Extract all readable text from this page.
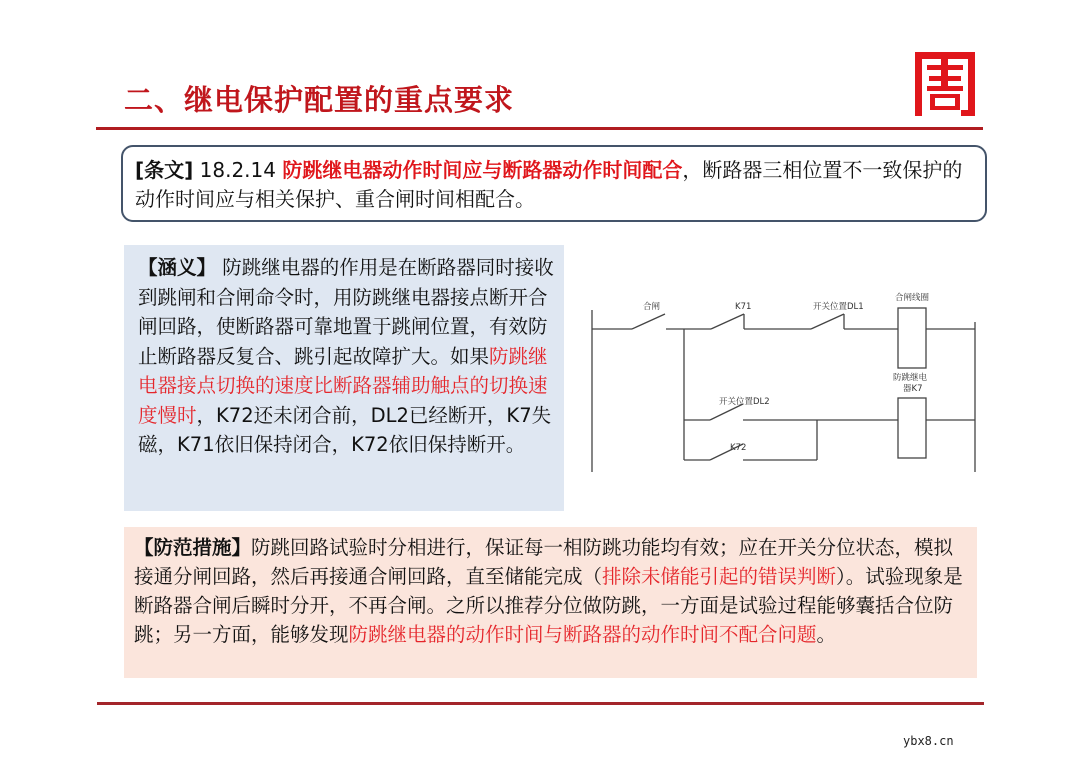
二、继电保护配置的重点要求
[条文] 18.2.14 防跳继电器动作时间应与断路器动作时间配合，断路器三相位置不一致保护的动作时间应与相关保护、重合闸时间相配合。
【涵义】 防跳继电器的作用是在断路器同时接收到跳闸和合闸命令时，用防跳继电器接点断开合闸回路，使断路器可靠地置于跳闸位置，有效防止断路器反复合、跳引起故障扩大。如果防跳继电器接点切换的速度比断路器辅助触点的切换速度慢时，K72还未闭合前，DL2已经断开，K7失磁，K71依旧保持闭合，K72依旧保持断开。
合闸	K71	开关位置DL1
合闸线圈
防跳继电
器K7
开关位置DL2
K72
【防范措施】防跳回路试验时分相进行，保证每一相防跳功能均有效；应在开关分位状态，模拟接通分闸回路，然后再接通合闸回路，直至储能完成（排除未储能引起的错误判断）。试验现象是断路器合闸后瞬时分开，不再合闸。之所以推荐分位做防跳，一方面是试验过程能够囊括合位防跳；另一方面，能够发现防跳继电器的动作时间与断路器的动作时间不配合问题。
ybx8.cn
